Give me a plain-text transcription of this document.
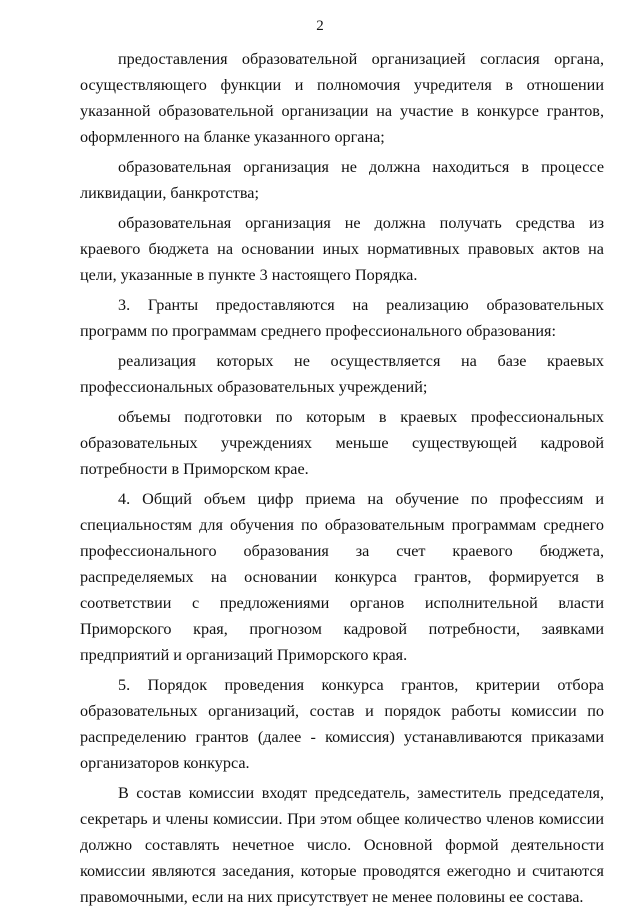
2

предоставления образовательной организацией согласия органа, осуществляющего функции и полномочия учредителя в отношении указанной образовательной организации на участие в конкурсе грантов, оформленного на бланке указанного органа;

образовательная организация не должна находиться в процессе ликвидации, банкротства;

образовательная организация не должна получать средства из краевого бюджета на основании иных нормативных правовых актов на цели, указанные в пункте 3 настоящего Порядка.

3. Гранты предоставляются на реализацию образовательных программ по программам среднего профессионального образования:

реализация которых не осуществляется на базе краевых профессиональных образовательных учреждений;

объемы подготовки по которым в краевых профессиональных образовательных учреждениях меньше существующей кадровой потребности в Приморском крае.

4. Общий объем цифр приема на обучение по профессиям и специальностям для обучения по образовательным программам среднего профессионального образования за счет краевого бюджета, распределяемых на основании конкурса грантов, формируется в соответствии с предложениями органов исполнительной власти Приморского края, прогнозом кадровой потребности, заявками предприятий и организаций Приморского края.

5. Порядок проведения конкурса грантов, критерии отбора образовательных организаций, состав и порядок работы комиссии по распределению грантов (далее - комиссия) устанавливаются приказами организаторов конкурса.

В состав комиссии входят председатель, заместитель председателя, секретарь и члены комиссии. При этом общее количество членов комиссии должно составлять нечетное число. Основной формой деятельности комиссии являются заседания, которые проводятся ежегодно и считаются правомочными, если на них присутствует не менее половины ее состава.
